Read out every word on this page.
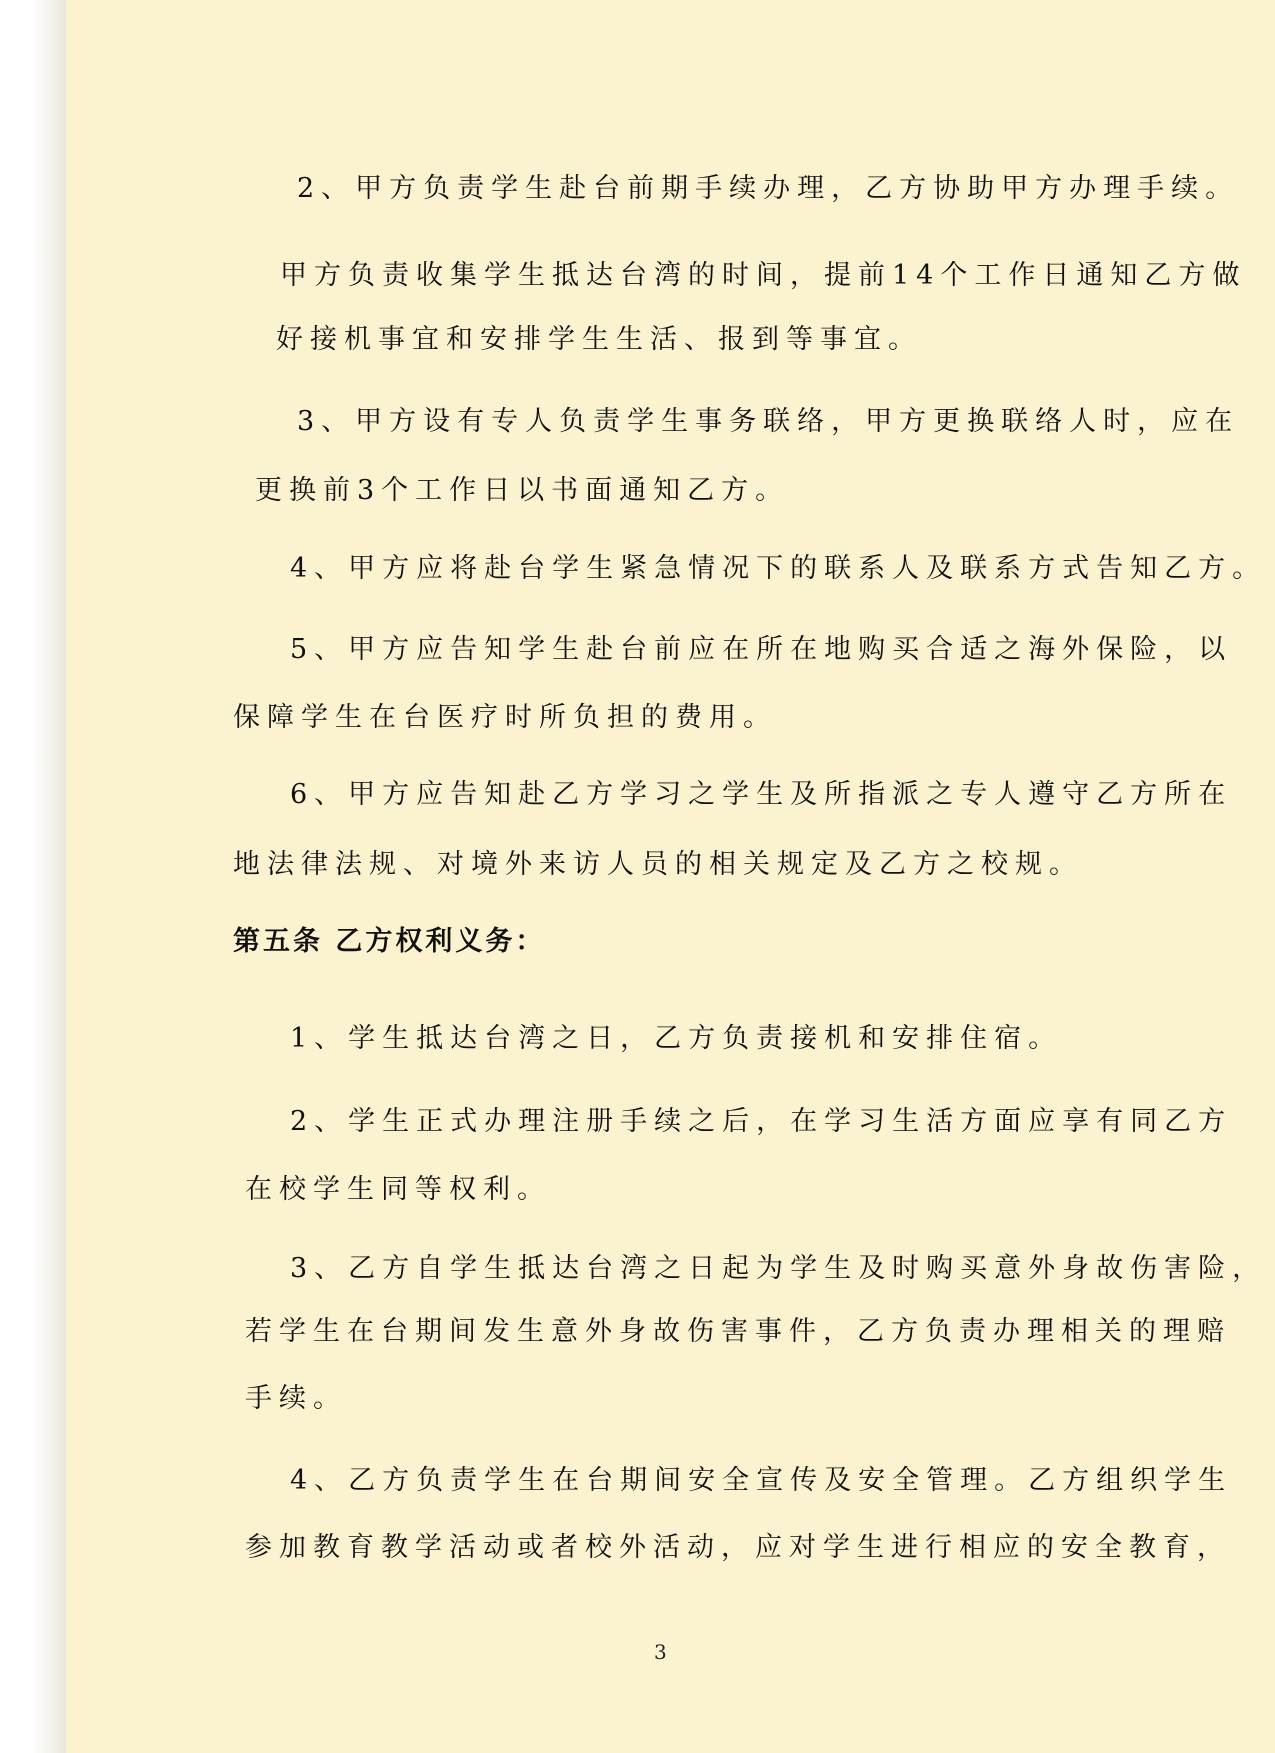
2、甲方负责学生赴台前期手续办理，乙方协助甲方办理手续。
甲方负责收集学生抵达台湾的时间，提前14个工作日通知乙方做
好接机事宜和安排学生生活、报到等事宜。
3、甲方设有专人负责学生事务联络，甲方更换联络人时，应在
更换前3个工作日以书面通知乙方。
4、甲方应将赴台学生紧急情况下的联系人及联系方式告知乙方。
5、甲方应告知学生赴台前应在所在地购买合适之海外保险，以
保障学生在台医疗时所负担的费用。
6、甲方应告知赴乙方学习之学生及所指派之专人遵守乙方所在
地法律法规、对境外来访人员的相关规定及乙方之校规。
第五条 乙方权利义务：
1、学生抵达台湾之日，乙方负责接机和安排住宿。
2、学生正式办理注册手续之后，在学习生活方面应享有同乙方
在校学生同等权利。
3、乙方自学生抵达台湾之日起为学生及时购买意外身故伤害险，
若学生在台期间发生意外身故伤害事件，乙方负责办理相关的理赔
手续。
4、乙方负责学生在台期间安全宣传及安全管理。乙方组织学生
参加教育教学活动或者校外活动，应对学生进行相应的安全教育，
3
